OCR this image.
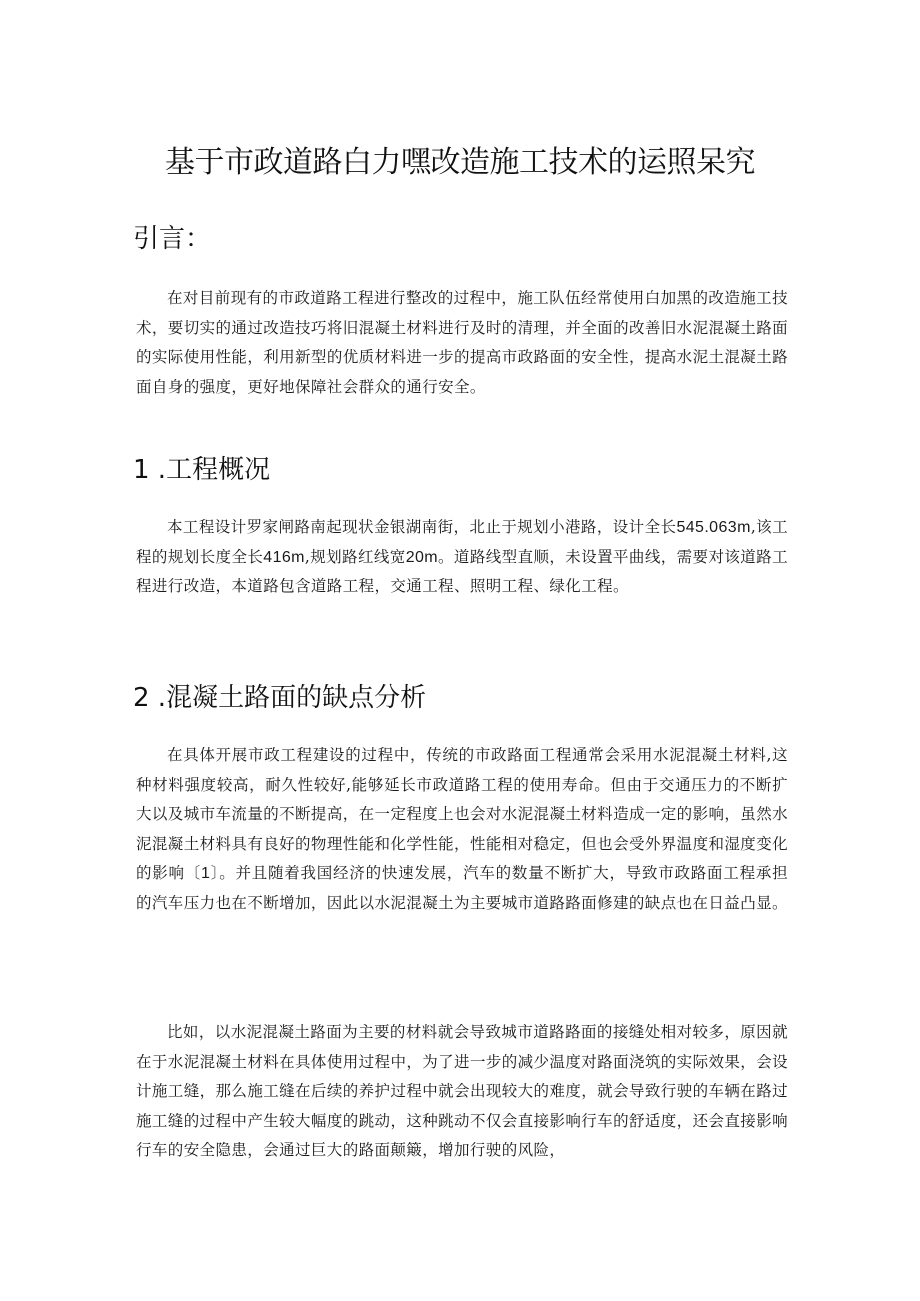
基于市政道路白力嘿改造施工技术的运照呆究
引言：

在对目前现有的市政道路工程进行整改的过程中，施工队伍经常使用白加黑的改造施工技术，要切实的通过改造技巧将旧混凝土材料进行及时的清理，并全面的改善旧水泥混凝土路面的实际使用性能，利用新型的优质材料进一步的提高市政路面的安全性，提高水泥土混凝土路面自身的强度，更好地保障社会群众的通行安全。

1 .工程概况

本工程设计罗家闸路南起现状金银湖南街，北止于规划小港路，设计全长545.063m,该工程的规划长度全长416m,规划路红线宽20m。道路线型直顺，未设置平曲线，需要对该道路工程进行改造，本道路包含道路工程，交通工程、照明工程、绿化工程。

2 .混凝土路面的缺点分析

在具体开展市政工程建设的过程中，传统的市政路面工程通常会采用水泥混凝土材料,这种材料强度较高，耐久性较好,能够延长市政道路工程的使用寿命。但由于交通压力的不断扩大以及城市车流量的不断提高，在一定程度上也会对水泥混凝土材料造成一定的影响，虽然水泥混凝土材料具有良好的物理性能和化学性能，性能相对稳定，但也会受外界温度和湿度变化的影响〔1〕。并且随着我国经济的快速发展，汽车的数量不断扩大，导致市政路面工程承担的汽车压力也在不断增加，因此以水泥混凝土为主要城市道路路面修建的缺点也在日益凸显。

比如，以水泥混凝土路面为主要的材料就会导致城市道路路面的接缝处相对较多，原因就在于水泥混凝土材料在具体使用过程中，为了进一步的减少温度对路面浇筑的实际效果，会设计施工缝，那么施工缝在后续的养护过程中就会出现较大的难度，就会导致行驶的车辆在路过施工缝的过程中产生较大幅度的跳动，这种跳动不仅会直接影响行车的舒适度，还会直接影响行车的安全隐患，会通过巨大的路面颠簸，增加行驶的风险，
